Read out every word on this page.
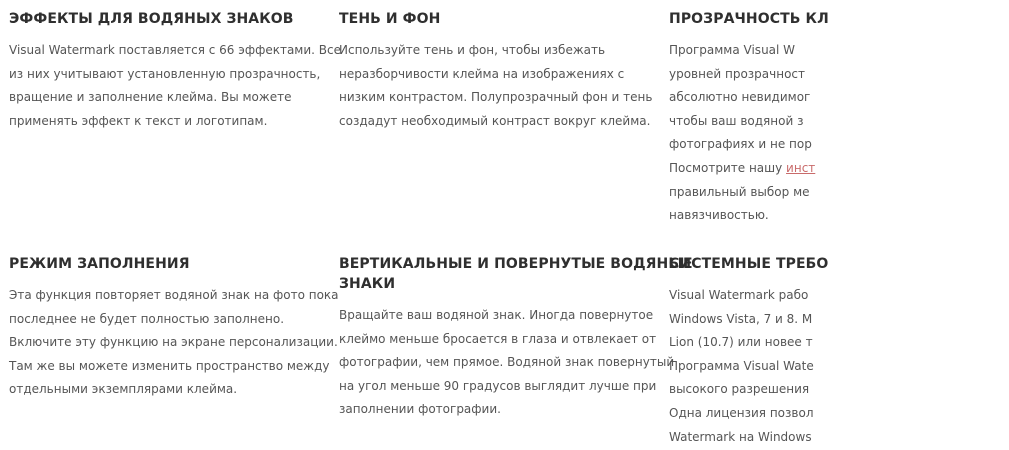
ЭФФЕКТЫ ДЛЯ ВОДЯНЫХ ЗНАКОВ

Visual Watermark поставляется с 66 эффектами. Все
из них учитывают установленную прозрачность,
вращение и заполнение клейма. Вы можете
применять эффект к текст и логотипам.

ТЕНЬ И ФОН

Используйте тень и фон, чтобы избежать
неразборчивости клейма на изображениях с
низким контрастом. Полупрозрачный фон и тень
создадут необходимый контраст вокруг клейма.

ПРОЗРАЧНОСТЬ КЛ

Программа Visual W
уровней прозрачност
абсолютно невидимог
чтобы ваш водяной з
фотографиях и не пор
Посмотрите нашу инст
правильный выбор ме
навязчивостью.

РЕЖИМ ЗАПОЛНЕНИЯ

Эта функция повторяет водяной знак на фото пока
последнее не будет полностью заполнено.
Включите эту функцию на экране персонализации.
Там же вы можете изменить пространство между
отдельными экземплярами клейма.

ВЕРТИКАЛЬНЫЕ И ПОВЕРНУТЫЕ ВОДЯНЫЕ
ЗНАКИ

Вращайте ваш водяной знак. Иногда повернутое
клеймо меньше бросается в глаза и отвлекает от
фотографии, чем прямое. Водяной знак повернутый
на угол меньше 90 градусов выглядит лучше при
заполнении фотографии.

СИСТЕМНЫЕ ТРЕБО

Visual Watermark рабо
Windows Vista, 7 и 8. М
Lion (10.7) или новее т
Программа Visual Wate
высокого разрешения
Одна лицензия позвол
Watermark на Windows
